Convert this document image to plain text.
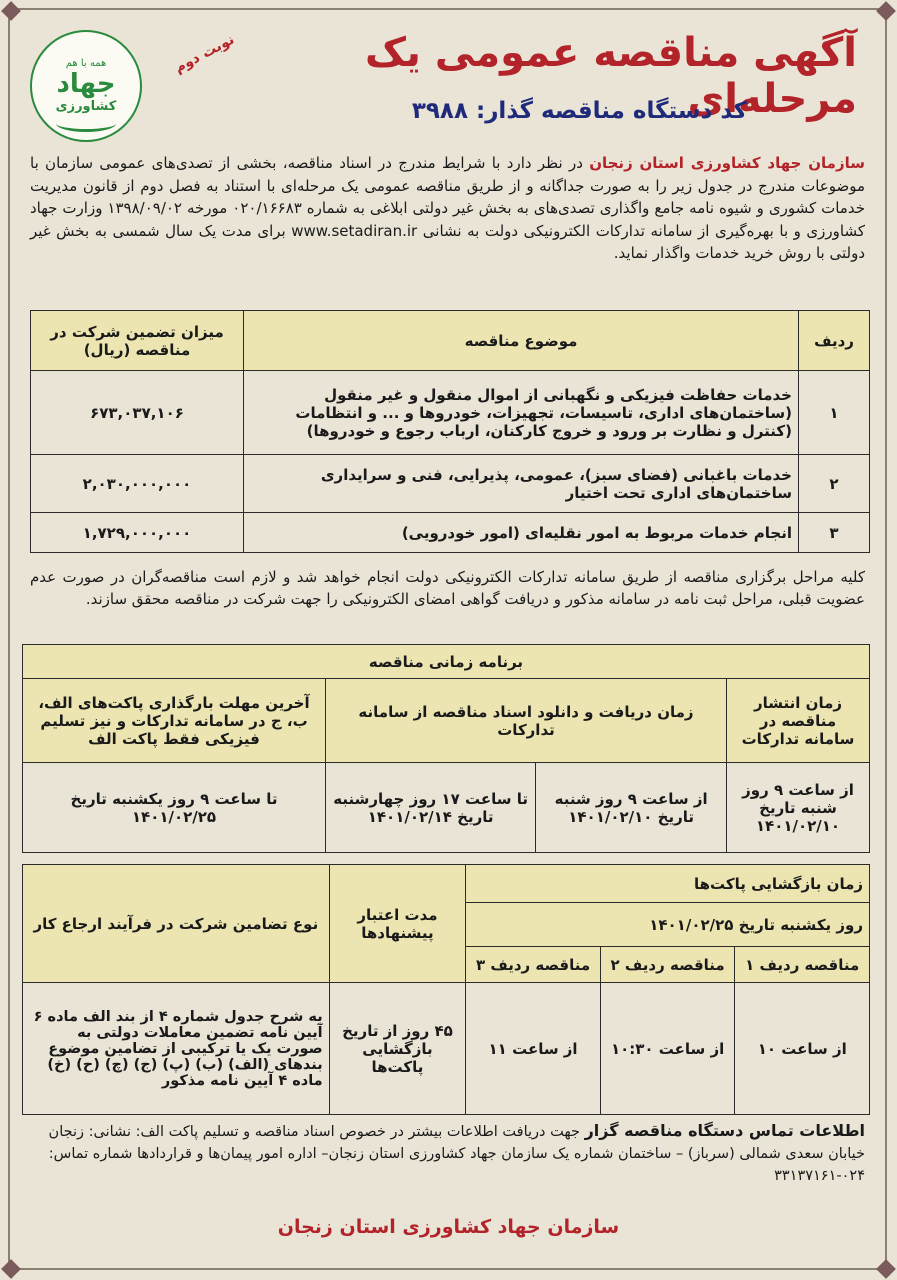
همه با هم
جهاد
کشاورزی
نوبت دوم	آگهی مناقصه عمومی یک مرحله‌ای
کد دستگاه مناقصه گذار: ۳۹۸۸
سازمان جهاد کشاورزی استان زنجان در نظر دارد با شرایط مندرج در اسناد مناقصه، بخشی از تصدی‌های عمومی سازمان با موضوعات مندرج در جدول زیر را به صورت جداگانه و از طریق مناقصه عمومی یک مرحله‌ای با استناد به فصل دوم از قانون مدیریت خدمات کشوری و شیوه نامه جامع واگذاری تصدی‌های به بخش غیر دولتی ابلاغی به شماره ۰۲۰/۱۶۶۸۳ مورخه ۱۳۹۸/۰۹/۰۲ وزارت جهاد کشاورزی و با بهره‌گیری از سامانه تدارکات الکترونیکی دولت به نشانی www.setadiran.ir برای مدت یک سال شمسی به بخش غیر دولتی با روش خرید خدمات واگذار نماید.
ردیف	موضوع مناقصه	میزان تضمین شرکت در مناقصه (ریال)
۱	خدمات حفاظت فیزیکی و نگهبانی از اموال منقول و غیر منقول (ساختمان‌های اداری، تاسیسات، تجهیزات، خودروها و ... و انتظامات (کنترل و نظارت بر ورود و خروج کارکنان، ارباب رجوع و خودروها)	۶۷۳,۰۳۷,۱۰۶
۲	خدمات باغبانی (فضای سبز)، عمومی، پذیرایی، فنی و سرایداری ساختمان‌های اداری تحت اختیار	۲,۰۳۰,۰۰۰,۰۰۰
۳	انجام خدمات مربوط به امور نقلیه‌ای (امور خودرویی)	۱,۷۲۹,۰۰۰,۰۰۰
کلیه مراحل برگزاری مناقصه از طریق سامانه تدارکات الکترونیکی دولت انجام خواهد شد و لازم است مناقصه‌گران در صورت عدم عضویت قبلی، مراحل ثبت نامه در سامانه مذکور و دریافت گواهی امضای الکترونیکی را جهت شرکت در مناقصه محقق سازند.
برنامه زمانی مناقصه			
زمان انتشار مناقصه در سامانه تدارکات	زمان دریافت و دانلود اسناد مناقصه از سامانه تدارکات		آخرین مهلت بارگذاری پاکت‌های الف، ب، ج در سامانه تدارکات و نیز تسلیم فیزیکی فقط پاکت الف
از ساعت ۹ روز شنبه تاریخ ۱۴۰۱/۰۲/۱۰	از ساعت ۹ روز شنبه تاریخ ۱۴۰۱/۰۲/۱۰	تا ساعت ۱۷ روز چهارشنبه تاریخ ۱۴۰۱/۰۲/۱۴	تا ساعت ۹ روز یکشنبه تاریخ ۱۴۰۱/۰۲/۲۵
زمان بازگشایی پاکت‌ها			مدت اعتبار پیشنهادها	نوع تضامین شرکت در فرآیند ارجاع کار
روز یکشنبه تاریخ ۱۴۰۱/۰۲/۲۵				
مناقصه ردیف ۱	مناقصه ردیف ۲	مناقصه ردیف ۳		
از ساعت ۱۰	از ساعت ۱۰:۳۰	از ساعت ۱۱	۴۵ روز از تاریخ بازگشایی پاکت‌ها	به شرح جدول شماره ۴ از بند الف ماده ۶ آیین نامه تضمین معاملات دولتی به صورت یک یا ترکیبی از تضامین موضوع بندهای (الف) (ب) (پ) (ج) (چ) (ح) (خ) ماده ۴ آیین نامه مذکور
اطلاعات تماس دستگاه مناقصه گزار جهت دریافت اطلاعات بیشتر در خصوص اسناد مناقصه و تسلیم پاکت الف: نشانی: زنجان خیابان سعدی شمالی (سرباز) – ساختمان شماره یک سازمان جهاد کشاورزی استان زنجان– اداره امور پیمان‌ها و قراردادها شماره تماس: ۰۲۴-۳۳۱۳۷۱۶۱
سازمان جهاد کشاورزی استان زنجان
